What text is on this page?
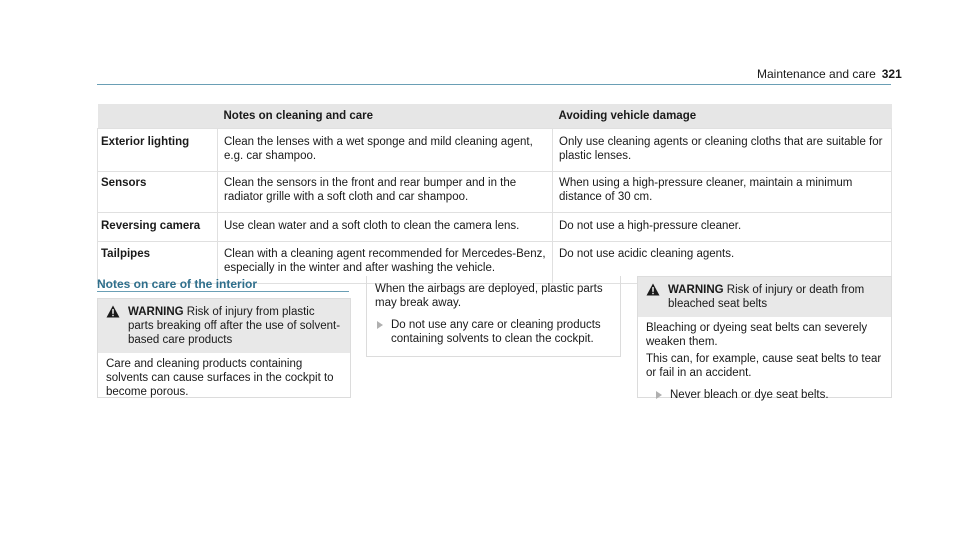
Maintenance and care 321
	Notes on cleaning and care	Avoiding vehicle damage
Exterior lighting	Clean the lenses with a wet sponge and mild cleaning agent, e.g. car shampoo.	Only use cleaning agents or cleaning cloths that are suitable for plastic lenses.
Sensors	Clean the sensors in the front and rear bumper and in the radiator grille with a soft cloth and car shampoo.	When using a high-pressure cleaner, maintain a minimum distance of 30 cm.
Reversing camera	Use clean water and a soft cloth to clean the camera lens.	Do not use a high-pressure cleaner.
Tailpipes	Clean with a cleaning agent recommended for Mercedes-Benz, especially in the winter and after washing the vehicle.	Do not use acidic cleaning agents.
Notes on care of the interior
WARNING Risk of injury from plastic parts breaking off after the use of solvent-based care products
Care and cleaning products containing solvents can cause surfaces in the cockpit to become porous.
When the airbags are deployed, plastic parts may break away.
Do not use any care or cleaning products containing solvents to clean the cockpit.
WARNING Risk of injury or death from bleached seat belts
Bleaching or dyeing seat belts can severely weaken them.
This can, for example, cause seat belts to tear or fail in an accident.
Never bleach or dye seat belts.
